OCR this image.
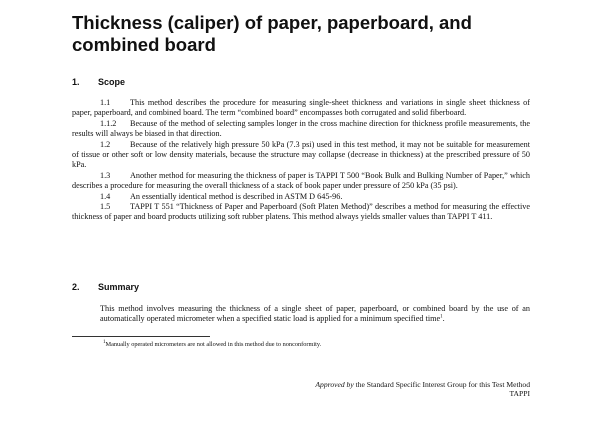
Thickness (caliper) of paper, paperboard, and combined board
1. Scope

1.1 This method describes the procedure for measuring single-sheet thickness and variations in single sheet thickness of paper, paperboard, and combined board. The term “combined board” encompasses both corrugated and solid fiberboard.

1.1.2 Because of the method of selecting samples longer in the cross machine direction for thickness profile measurements, the results will always be biased in that direction.

1.2 Because of the relatively high pressure 50 kPa (7.3 psi) used in this test method, it may not be suitable for measurement of tissue or other soft or low density materials, because the structure may collapse (decrease in thickness) at the prescribed pressure of 50 kPa.

1.3 Another method for measuring the thickness of paper is TAPPI T 500 “Book Bulk and Bulking Number of Paper,” which describes a procedure for measuring the overall thickness of a stack of book paper under pressure of 250 kPa (35 psi).

1.4 An essentially identical method is described in ASTM D 645-96.

1.5 TAPPI T 551 “Thickness of Paper and Paperboard (Soft Platen Method)” describes a method for measuring the effective thickness of paper and board products utilizing soft rubber platens. This method always yields smaller values than TAPPI T 411.

2. Summary

This method involves measuring the thickness of a single sheet of paper, paperboard, or combined board by the use of an automatically operated micrometer when a specified static load is applied for a minimum specified time$^1$.

$^1$Manually operated micrometers are not allowed in this method due to nonconformity.
Approved by the Standard Specific Interest Group for this Test Method
TAPPI
